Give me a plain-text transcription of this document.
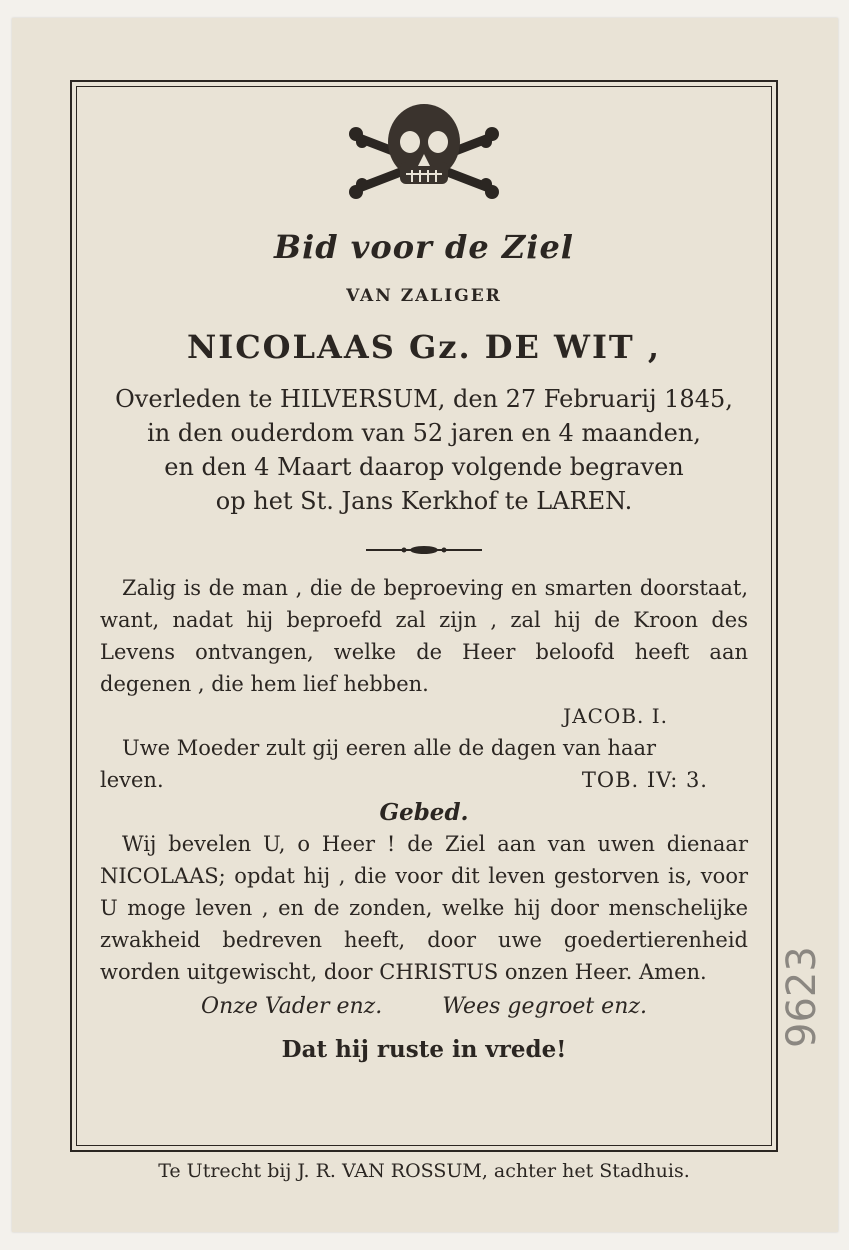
Bid voor de Ziel
VAN ZALIGER
NICOLAAS Gz. DE WIT ,
Overleden te HILVERSUM, den 27 Februarij 1845,
in den ouderdom van 52 jaren en 4 maanden,
en den 4 Maart daarop volgende begraven
op het St. Jans Kerkhof te LAREN.
Zalig is de man , die de beproeving en smarten doorstaat, want, nadat hij beproefd zal zijn , zal hij de Kroon des Levens ontvangen, welke de Heer beloofd heeft aan degenen , die hem lief hebben.
JACOB. I.
Uwe Moeder zult gij eeren alle de dagen van haar
leven.	TOB. IV: 3.
Gebed.
Wij bevelen U, o Heer ! de Ziel aan van uwen dienaar NICOLAAS; opdat hij , die voor dit leven gestorven is, voor U moge leven , en de zonden, welke hij door menschelijke zwakheid bedreven heeft, door uwe goedertierenheid worden uitgewischt, door CHRISTUS onzen Heer. Amen.
Onze Vader enz.	Wees gegroet enz.
Dat hij ruste in vrede!
Te Utrecht bij J. R. VAN ROSSUM, achter het Stadhuis.
9623
